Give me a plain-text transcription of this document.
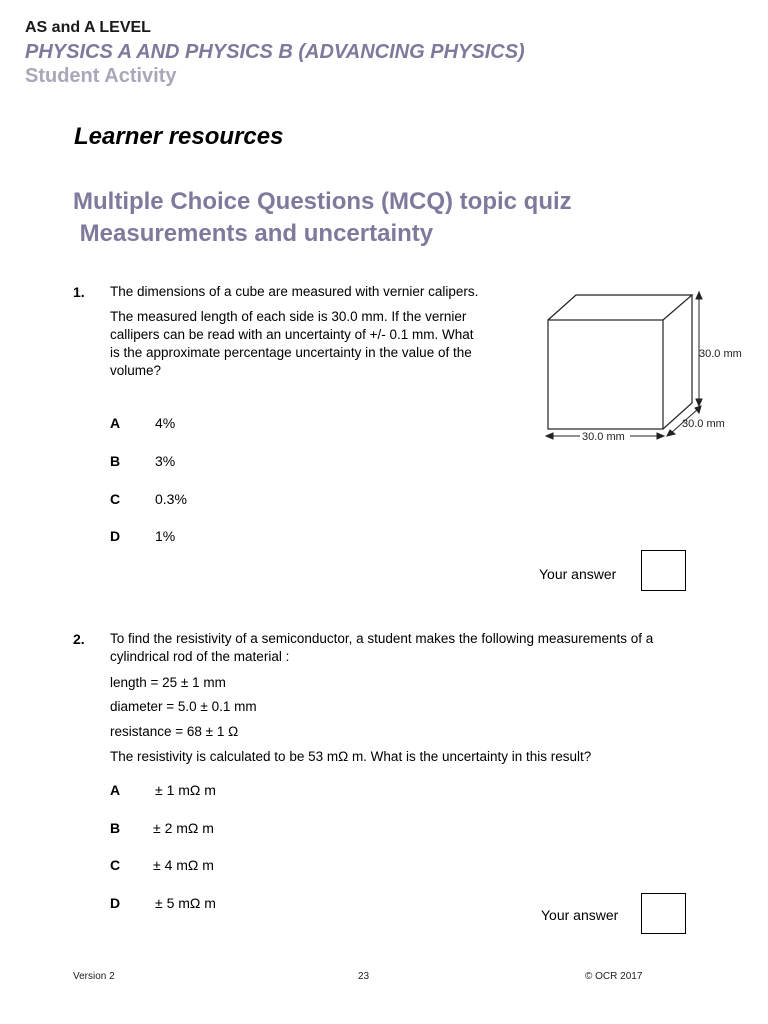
AS and A LEVEL
PHYSICS A AND PHYSICS B (ADVANCING PHYSICS)
Student Activity
Learner resources
Multiple Choice Questions (MCQ) topic quiz
Measurements and uncertainty
1. The dimensions of a cube are measured with vernier calipers.
The measured length of each side is 30.0 mm. If the vernier
callipers can be read with an uncertainty of +/- 0.1 mm. What
is the approximate percentage uncertainty in the value of the
volume?
A 4%
B 3%
C 0.3%
D 1%
Your answer
30.0 mm
30.0 mm
30.0 mm
2. To find the resistivity of a semiconductor, a student makes the following measurements of a
cylindrical rod of the material :
length = 25 ± 1 mm
diameter = 5.0 ± 0.1 mm
resistance = 68 ± 1 Ω
The resistivity is calculated to be 53 mΩ m. What is the uncertainty in this result?
A ± 1 mΩ m
B ± 2 mΩ m
C ± 4 mΩ m
D ± 5 mΩ m
Your answer
Version 2	23	© OCR 2017
